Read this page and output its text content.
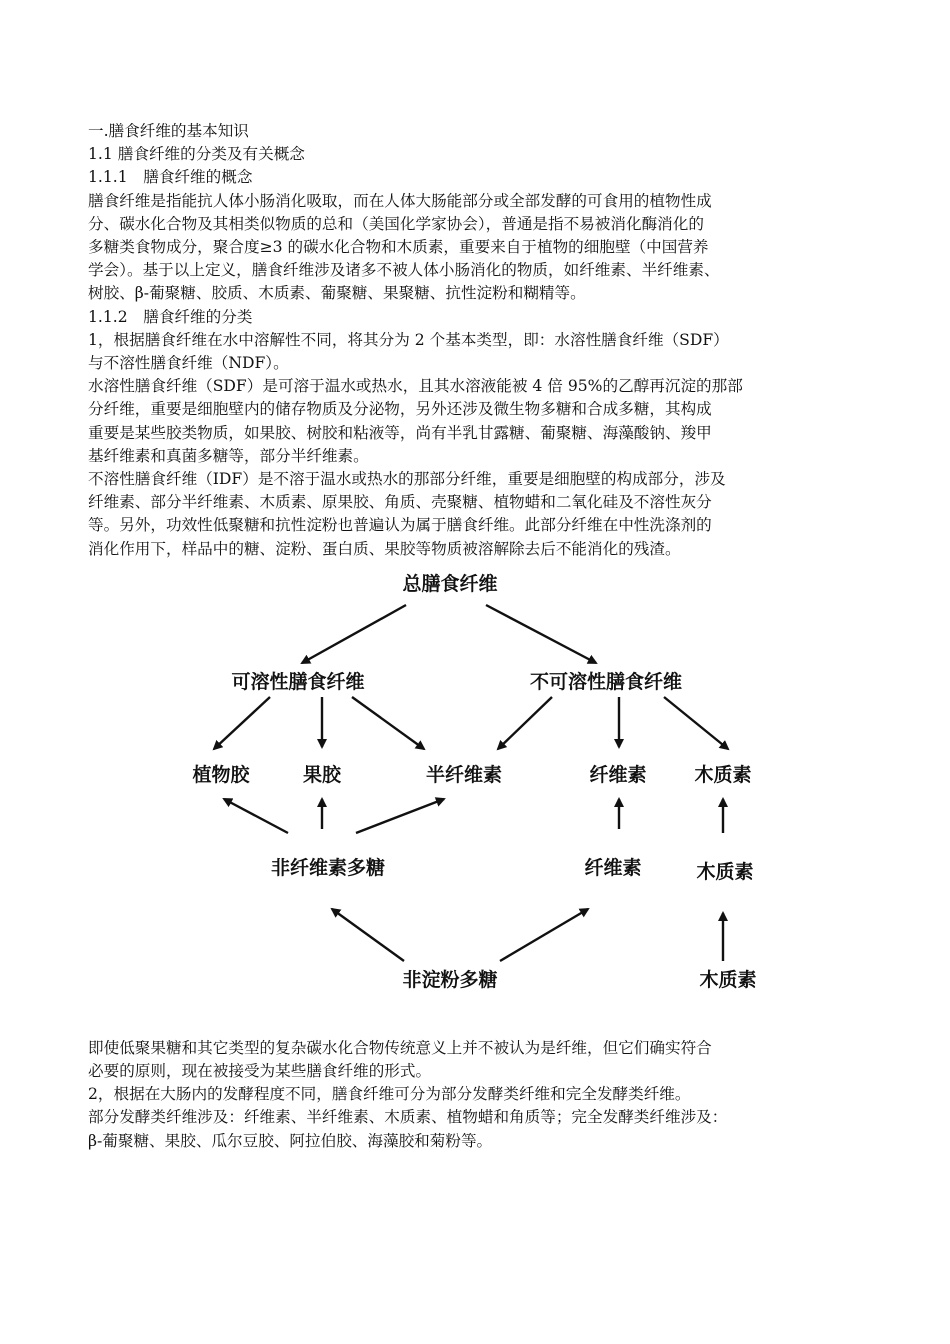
一.膳食纤维的基本知识

1.1 膳食纤维的分类及有关概念

1.1.1　膳食纤维的概念

膳食纤维是指能抗人体小肠消化吸取，而在人体大肠能部分或全部发酵的可食用的植物性成

分、碳水化合物及其相类似物质的总和（美国化学家协会），普通是指不易被消化酶消化的

多糖类食物成分，聚合度≥3 的碳水化合物和木质素，重要来自于植物的细胞壁（中国营养

学会）。基于以上定义，膳食纤维涉及诸多不被人体小肠消化的物质，如纤维素、半纤维素、

树胶、β-葡聚糖、胶质、木质素、葡聚糖、果聚糖、抗性淀粉和糊精等。

1.1.2　膳食纤维的分类

1，根据膳食纤维在水中溶解性不同，将其分为 2 个基本类型，即：水溶性膳食纤维（SDF）

与不溶性膳食纤维（NDF）。

水溶性膳食纤维（SDF）是可溶于温水或热水，且其水溶液能被 4 倍 95%的乙醇再沉淀的那部

分纤维，重要是细胞壁内的储存物质及分泌物，另外还涉及微生物多糖和合成多糖，其构成

重要是某些胶类物质，如果胶、树胶和粘液等，尚有半乳甘露糖、葡聚糖、海藻酸钠、羧甲

基纤维素和真菌多糖等，部分半纤维素。

不溶性膳食纤维（IDF）是不溶于温水或热水的那部分纤维，重要是细胞壁的构成部分，涉及

纤维素、部分半纤维素、木质素、原果胶、角质、壳聚糖、植物蜡和二氧化硅及不溶性灰分

等。另外，功效性低聚糖和抗性淀粉也普遍认为属于膳食纤维。此部分纤维在中性洗涤剂的

消化作用下，样品中的糖、淀粉、蛋白质、果胶等物质被溶解除去后不能消化的残渣。

总膳食纤维
可溶性膳食纤维	不可溶性膳食纤维
植物胶	果胶	半纤维素	纤维素	木质素
非纤维素多糖	纤维素	木质素
非淀粉多糖	木质素

即使低聚果糖和其它类型的复杂碳水化合物传统意义上并不被认为是纤维，但它们确实符合

必要的原则，现在被接受为某些膳食纤维的形式。

2，根据在大肠内的发酵程度不同，膳食纤维可分为部分发酵类纤维和完全发酵类纤维。

部分发酵类纤维涉及：纤维素、半纤维素、木质素、植物蜡和角质等；完全发酵类纤维涉及：

β-葡聚糖、果胶、瓜尔豆胶、阿拉伯胶、海藻胶和菊粉等。
